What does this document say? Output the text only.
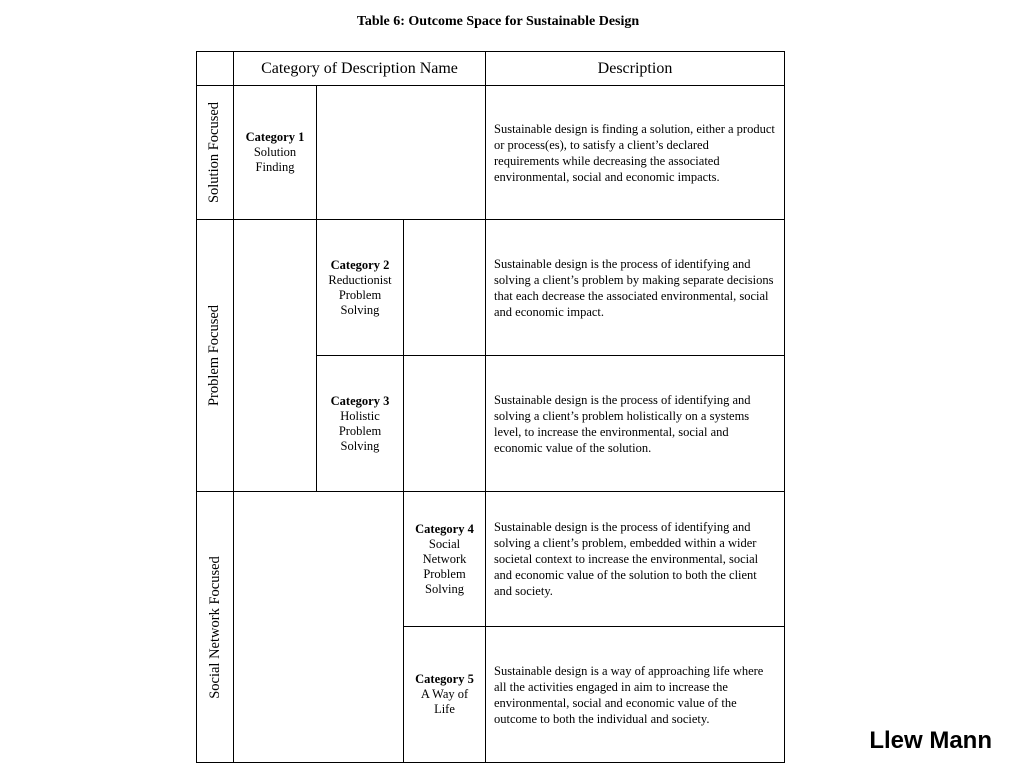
Table 6: Outcome Space for Sustainable Design
Category of Description Name	Description
Solution Focused
Problem Focused
Social Network Focused
Category 1
Solution
Finding
Category 2
Reductionist
Problem
Solving
Category 3
Holistic
Problem
Solving
Category 4
Social
Network
Problem
Solving
Category 5
A Way of
Life
Sustainable design is finding a solution, either a product or process(es), to satisfy a client’s declared requirements while decreasing the associated environmental, social and economic impacts.
Sustainable design is the process of identifying and solving a client’s problem by making separate decisions that each decrease the associated environmental, social and economic impact.
Sustainable design is the process of identifying and solving a client’s problem holistically on a systems level, to increase the environmental, social and economic value of the solution.
Sustainable design is the process of identifying and solving a client’s problem, embedded within a wider societal context to increase the environmental, social and economic value of the solution to both the client and society.
Sustainable design is a way of approaching life where all the activities engaged in aim to increase the environmental, social and economic value of the outcome to both the individual and society.
Llew Mann
